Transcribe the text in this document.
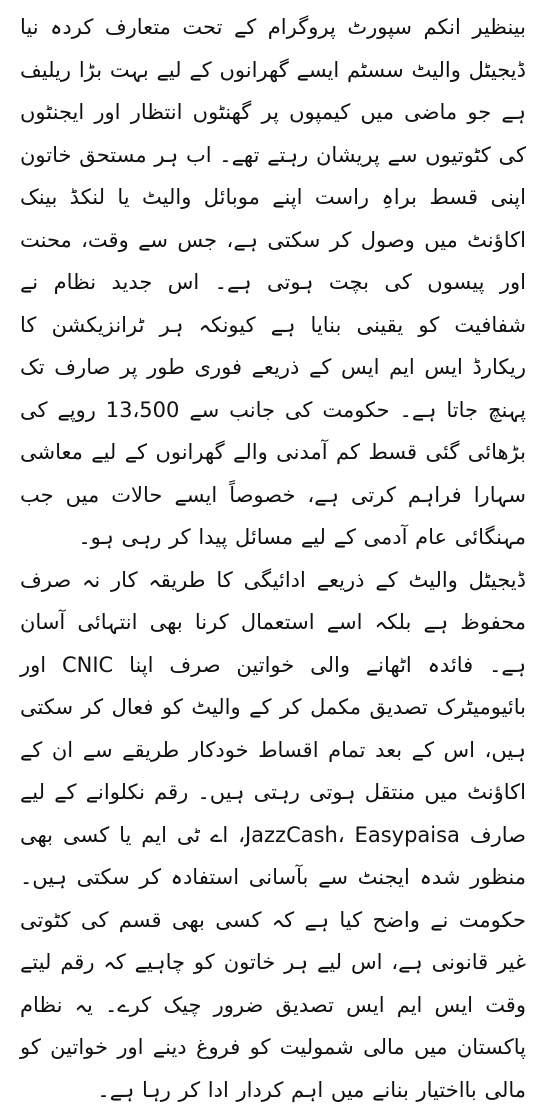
بینظیر انکم سپورٹ پروگرام کے تحت متعارف کردہ نیا ڈیجیٹل والیٹ سسٹم ایسے گھرانوں کے لیے بہت بڑا ریلیف ہے جو ماضی میں کیمپوں پر گھنٹوں انتظار اور ایجنٹوں کی کٹوتیوں سے پریشان رہتے تھے۔ اب ہر مستحق خاتون اپنی قسط براہِ راست اپنے موبائل والیٹ یا لنکڈ بینک اکاؤنٹ میں وصول کر سکتی ہے، جس سے وقت، محنت اور پیسوں کی بچت ہوتی ہے۔ اس جدید نظام نے شفافیت کو یقینی بنایا ہے کیونکہ ہر ٹرانزیکشن کا ریکارڈ ایس ایم ایس کے ذریعے فوری طور پر صارف تک پہنچ جاتا ہے۔ حکومت کی جانب سے 13،500 روپے کی بڑھائی گئی قسط کم آمدنی والے گھرانوں کے لیے معاشی سہارا فراہم کرتی ہے، خصوصاً ایسے حالات میں جب مہنگائی عام آدمی کے لیے مسائل پیدا کر رہی ہو۔

ڈیجیٹل والیٹ کے ذریعے ادائیگی کا طریقہ کار نہ صرف محفوظ ہے بلکہ اسے استعمال کرنا بھی انتہائی آسان ہے۔ فائدہ اٹھانے والی خواتین صرف اپنا CNIC اور بائیومیٹرک تصدیق مکمل کر کے والیٹ کو فعال کر سکتی ہیں، اس کے بعد تمام اقساط خودکار طریقے سے ان کے اکاؤنٹ میں منتقل ہوتی رہتی ہیں۔ رقم نکلوانے کے لیے صارف JazzCash، Easypaisa، اے ٹی ایم یا کسی بھی منظور شدہ ایجنٹ سے بآسانی استفادہ کر سکتی ہیں۔ حکومت نے واضح کیا ہے کہ کسی بھی قسم کی کٹوتی غیر قانونی ہے، اس لیے ہر خاتون کو چاہیے کہ رقم لیتے وقت ایس ایم ایس تصدیق ضرور چیک کرے۔ یہ نظام پاکستان میں مالی شمولیت کو فروغ دینے اور خواتین کو مالی بااختیار بنانے میں اہم کردار ادا کر رہا ہے۔
